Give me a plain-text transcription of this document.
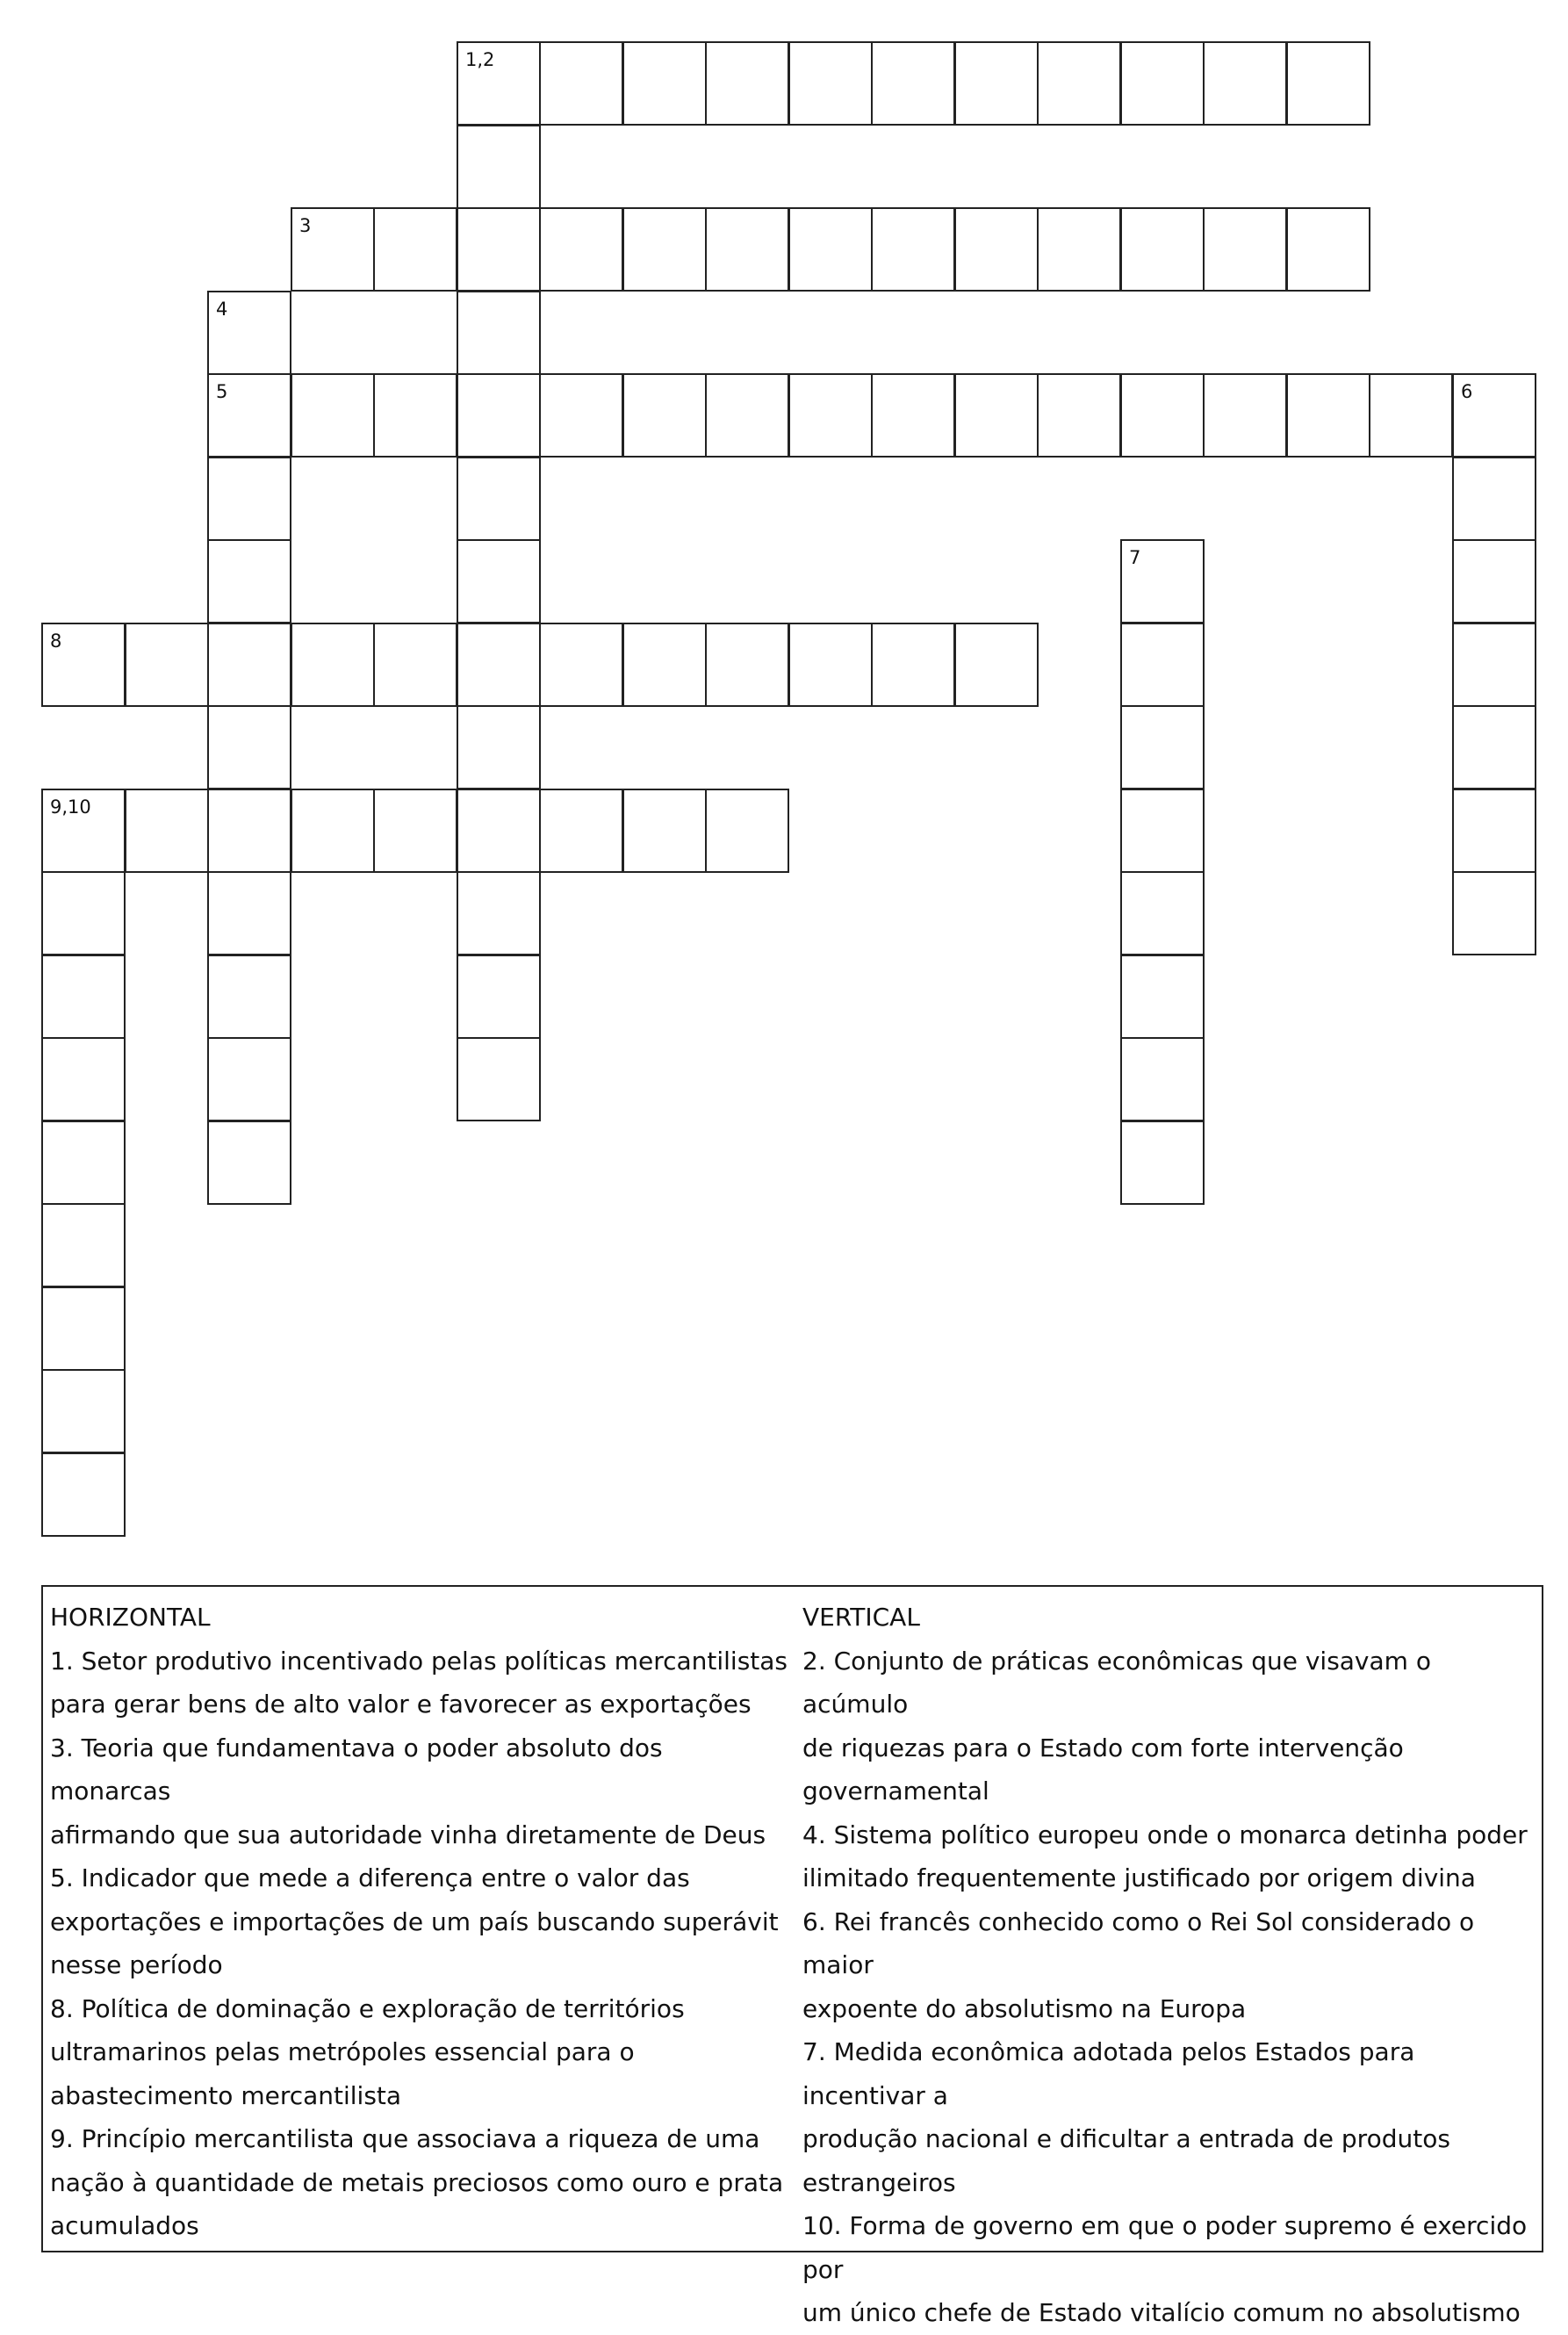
1,2
3
4
5	6
7
8
9,10
HORIZONTAL
1. Setor produtivo incentivado pelas políticas mercantilistas
para gerar bens de alto valor e favorecer as exportações
3. Teoria que fundamentava o poder absoluto dos monarcas
afirmando que sua autoridade vinha diretamente de Deus
5. Indicador que mede a diferença entre o valor das
exportações e importações de um país buscando superávit
nesse período
8. Política de dominação e exploração de territórios
ultramarinos pelas metrópoles essencial para o
abastecimento mercantilista
9. Princípio mercantilista que associava a riqueza de uma
nação à quantidade de metais preciosos como ouro e prata
acumulados
VERTICAL
2. Conjunto de práticas econômicas que visavam o acúmulo
de riquezas para o Estado com forte intervenção
governamental
4. Sistema político europeu onde o monarca detinha poder
ilimitado frequentemente justificado por origem divina
6. Rei francês conhecido como o Rei Sol considerado o maior
expoente do absolutismo na Europa
7. Medida econômica adotada pelos Estados para incentivar a
produção nacional e dificultar a entrada de produtos
estrangeiros
10. Forma de governo em que o poder supremo é exercido por
um único chefe de Estado vitalício comum no absolutismo
